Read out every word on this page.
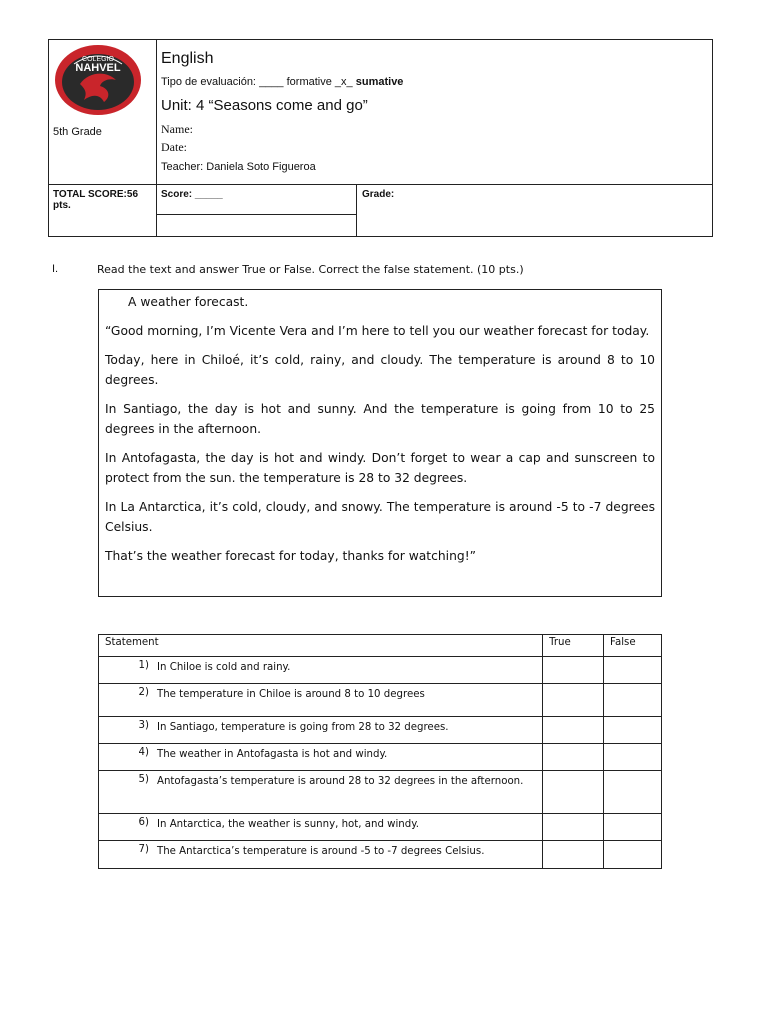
COLEGIO
NAHVEL
5th Grade
English
Tipo de evaluación: ____ formative _x_ sumative
Unit: 4 “Seasons come and go”
Name:
Date:
Teacher: Daniela Soto Figueroa
TOTAL SCORE:56 pts.
Score: _____	Grade:
I.	Read the text and answer True or False. Correct the false statement. (10 pts.)
A weather forecast.

“Good morning, I’m Vicente Vera and I’m here to tell you our weather forecast for today.

Today, here in Chiloé, it’s cold, rainy, and cloudy. The temperature is around 8 to 10 degrees.

In Santiago, the day is hot and sunny. And the temperature is going from 10 to 25 degrees in the afternoon.

In Antofagasta, the day is hot and windy. Don’t forget to wear a cap and sunscreen to protect from the sun. the temperature is 28 to 32 degrees.

In La Antarctica, it’s cold, cloudy, and snowy. The temperature is around -5 to -7 degrees Celsius.

That’s the weather forecast for today, thanks for watching!”

Statement	True	False

1) In Chiloe is cold and rainy.		

2) The temperature in Chiloe is around 8 to 10 degrees		

3) In Santiago, temperature is going from 28 to 32 degrees.		

4) The weather in Antofagasta is hot and windy.		

5) Antofagasta’s temperature is around 28 to 32 degrees in the afternoon.		

6) In Antarctica, the weather is sunny, hot, and windy.		

7) The Antarctica’s temperature is around -5 to -7 degrees Celsius.		
